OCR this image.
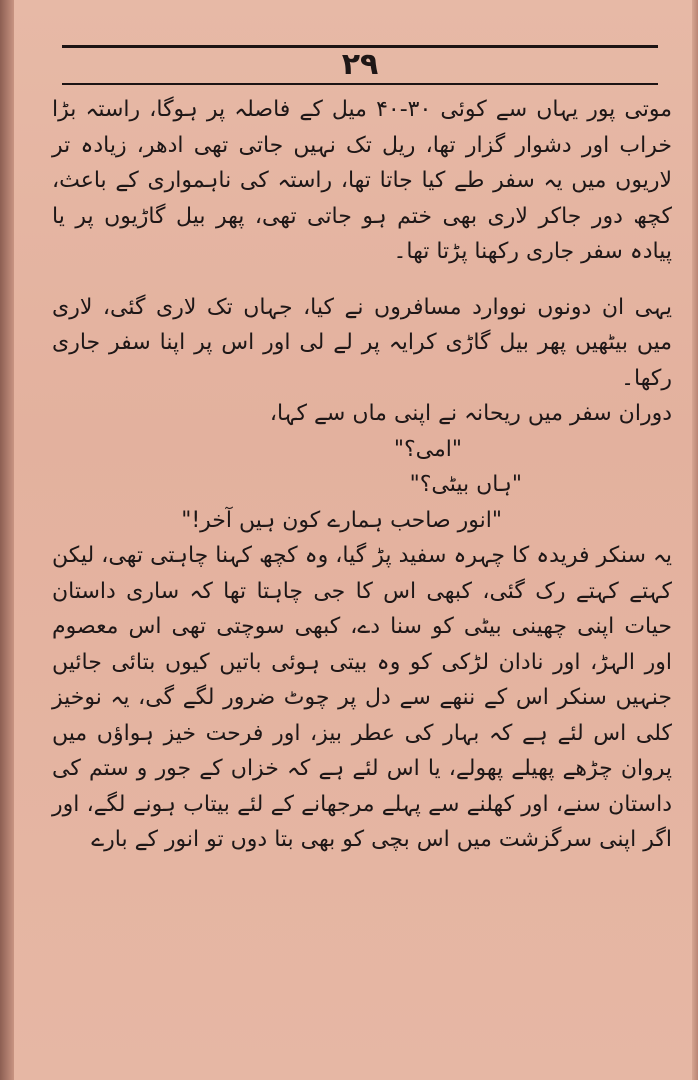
۲۹

موتی پور یہاں سے کوئی ۳۰-۴۰ میل کے فاصلہ پر ہوگا، راستہ بڑا خراب اور دشوار گزار تھا، ریل تک نہیں جاتی تھی ادھر، زیادہ تر لاریوں میں یہ سفر طے کیا جاتا تھا، راستہ کی ناہمواری کے باعث، کچھ دور جاکر لاری بھی ختم ہو جاتی تھی، پھر بیل گاڑیوں پر یا پیادہ سفر جاری رکھنا پڑتا تھا۔

یہی ان دونوں نووارد مسافروں نے کیا، جہاں تک لاری گئی، لاری میں بیٹھیں پھر بیل گاڑی کرایہ پر لے لی اور اس پر اپنا سفر جاری رکھا۔

دوران سفر میں ریحانہ نے اپنی ماں سے کہا،

"امی؟"

"ہاں بیٹی؟"

"انور صاحب ہمارے کون ہیں آخر!"

یہ سنکر فریدہ کا چہرہ سفید پڑ گیا، وہ کچھ کہنا چاہتی تھی، لیکن کہتے کہتے رک گئی، کبھی اس کا جی چاہتا تھا کہ ساری داستان حیات اپنی چھینی بیٹی کو سنا دے، کبھی سوچتی تھی اس معصوم اور الہڑ، اور نادان لڑکی کو وہ بیتی ہوئی باتیں کیوں بتائی جائیں جنہیں سنکر اس کے ننھے سے دل پر چوٹ ضرور لگے گی، یہ نوخیز کلی اس لئے ہے کہ بہار کی عطر بیز، اور فرحت خیز ہواؤں میں پروان چڑھے پھیلے پھولے، یا اس لئے ہے کہ خزاں کے جور و ستم کی داستان سنے، اور کھلنے سے پہلے مرجھانے کے لئے بیتاب ہونے لگے، اور اگر اپنی سرگزشت میں اس بچی کو بھی بتا دوں تو انور کے بارے
